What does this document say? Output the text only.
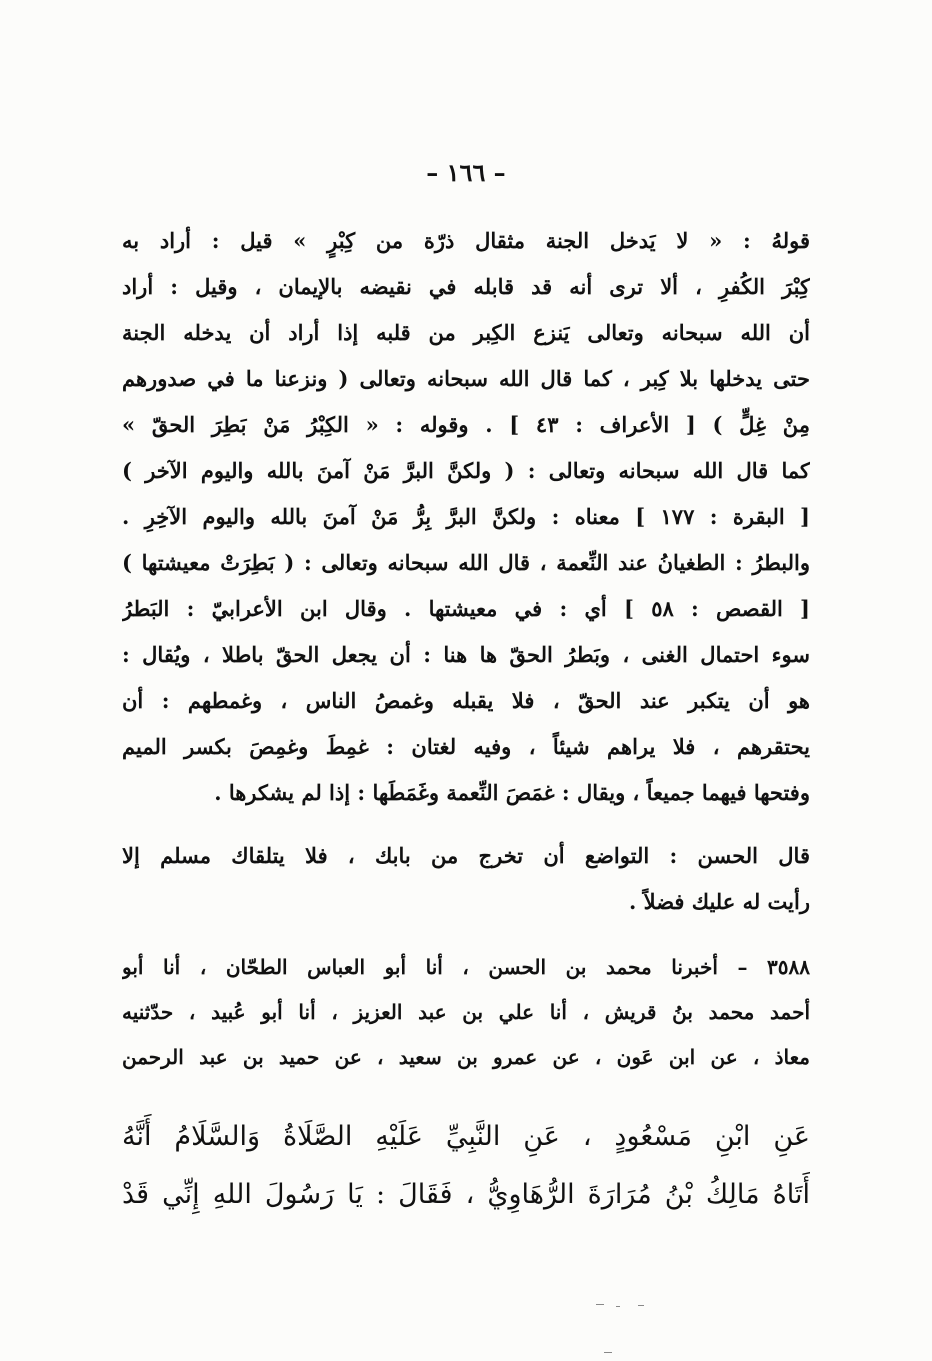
– ١٦٦ –
قولهُ : « لا يَدخل الجنة مثقال ذرّة من كِبْرٍ » قيل : أراد به
كِبْرَ الكُفرِ ، ألا ترى أنه قد قابله في نقيضه بالإيمان ، وقيل : أراد
أن الله سبحانه وتعالى يَنزع الكِبر من قلبه إذا أراد أن يدخله الجنة
حتى يدخلها بلا كِبر ، كما قال الله سبحانه وتعالى ( ونزعنا ما في صدورهم
مِنْ غِلٍّ ) [ الأعراف : ٤٣ ] . وقوله : « الكِبْرُ مَنْ بَطِرَ الحقّ »
كما قال الله سبحانه وتعالى : ( ولكنَّ البرَّ مَنْ آمنَ بالله واليوم الآخر )
[ البقرة : ١٧٧ ] معناه : ولكنَّ البرَّ بِرُّ مَنْ آمنَ بالله واليوم الآخِرِ .
والبطرُ : الطغيانُ عند النِّعمة ، قال الله سبحانه وتعالى : ( بَطِرَتْ معيشتها )
[ القصص : ٥٨ ] أي : في معيشتها . وقال ابن الأعرابيّ : البَطرُ
سوء احتمال الغنى ، وبَطرُ الحقّ ها هنا : أن يجعل الحقّ باطلا ، ويُقال :
هو أن يتكبر عند الحقّ ، فلا يقبله وغمصُ الناس ، وغمطهم : أن
يحتقرهم ، فلا يراهم شيئاً ، وفيه لغتان : غمِطَ وغمِصَ بكسر الميم
وفتحها فيهما جميعاً ، ويقال : غمَصَ النِّعمة وغَمَطَها : إذا لم يشكرها .
قال الحسن : التواضع أن تخرج من بابك ، فلا يتلقاك مسلم إلا
رأيت له عليك فضلاً .
٣٥٨٨ – أخبرنا محمد بن الحسن ، أنا أبو العباس الطحّان ، أنا أبو
أحمد محمد بنُ قريش ، أنا علي بن عبد العزيز ، أنا أبو عُبيد ، حدّثنيه
معاذ ، عن ابن عَون ، عن عمرو بن سعيد ، عن حميد بن عبد الرحمن
عَنِ ابْنِ مَسْعُودٍ ، عَنِ النَّبِيِّ عَلَيْهِ الصَّلَاةُ وَالسَّلَامُ أَنَّهُ
أَتَاهُ مَالِكُ بْنُ مُرَارَةَ الرُّهَاوِيُّ ، فَقَالَ : يَا رَسُولَ اللهِ إِنِّي قَدْ
